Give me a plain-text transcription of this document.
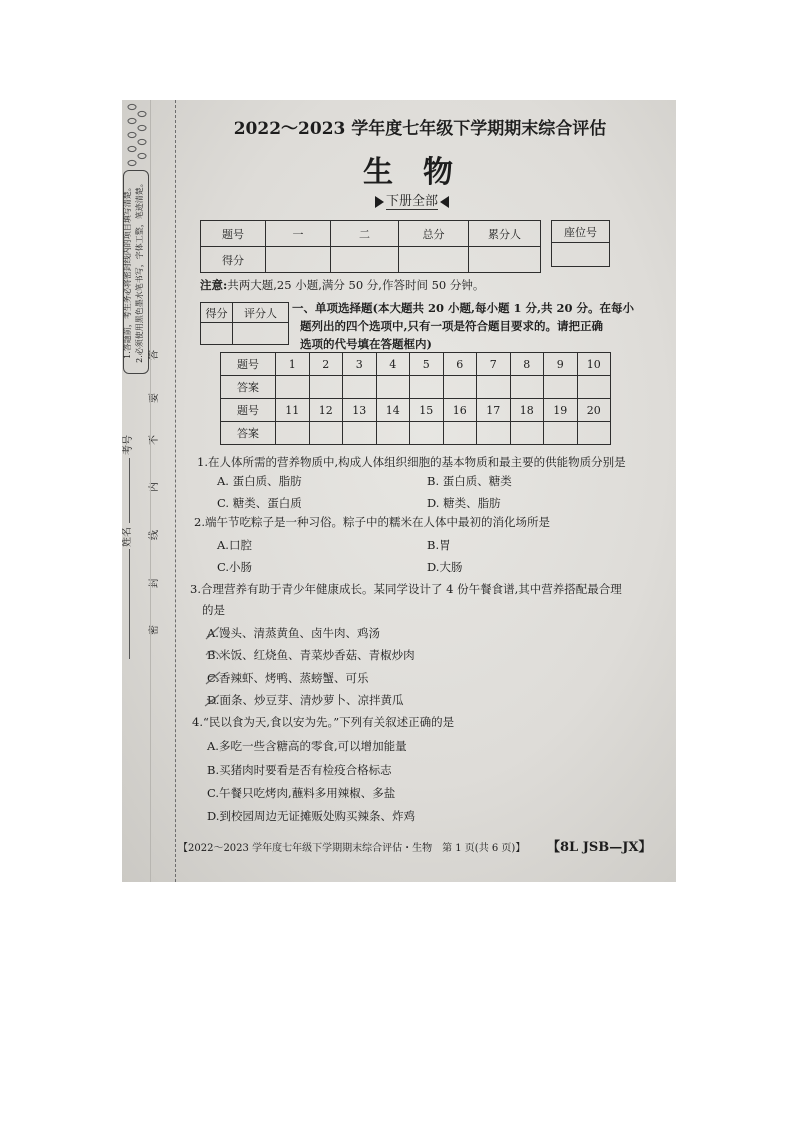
1.答题前，考生务必将密封线内的项目填写清楚。 2.必须使用黑色墨水笔书写，字体工整，笔迹清楚。
考号
姓名
答
要
不
内
线
封
密
2022～2023 学年度七年级下学期期末综合评估
生　物
下册全部
题号	一	二	总分	累分人
得分				
座位号

注意:共两大题,25 小题,满分 50 分,作答时间 50 分钟。
得分	评分人
	一、单项选择题(本大题共 20 小题,每小题 1 分,共 20 分。在每小
题列出的四个选项中,只有一项是符合题目要求的。请把正确
选项的代号填在答题框内)
题号	1	2	3	4	5	6	7	8	9	10
答案										
题号	11	12	13	14	15	16	17	18	19	20
答案										
1.在人体所需的营养物质中,构成人体组织细胞的基本物质和最主要的供能物质分别是
A. 蛋白质、脂肪	B. 蛋白质、糖类
C. 糖类、蛋白质	D. 糖类、脂肪
2.端午节吃粽子是一种习俗。粽子中的糯米在人体中最初的消化场所是
A.口腔	B.胃
C.小肠	D.大肠
3.合理营养有助于青少年健康成长。某同学设计了 4 份午餐食谱,其中营养搭配最合理
的是
A.馒头、清蒸黄鱼、卤牛肉、鸡汤
B.米饭、红烧鱼、青菜炒香菇、青椒炒肉
C.香辣虾、烤鸭、蒸螃蟹、可乐
D.面条、炒豆芽、清炒萝卜、凉拌黄瓜
4.“民以食为天,食以安为先。”下列有关叙述正确的是
A.多吃一些含糖高的零食,可以增加能量
B.买猪肉时要看是否有检疫合格标志
C.午餐只吃烤肉,蘸料多用辣椒、多盐
D.到校园周边无证摊贩处购买辣条、炸鸡
【2022～2023 学年度七年级下学期期末综合评估・生物　第 1 页(共 6 页)】 【8L JSB—JX】
